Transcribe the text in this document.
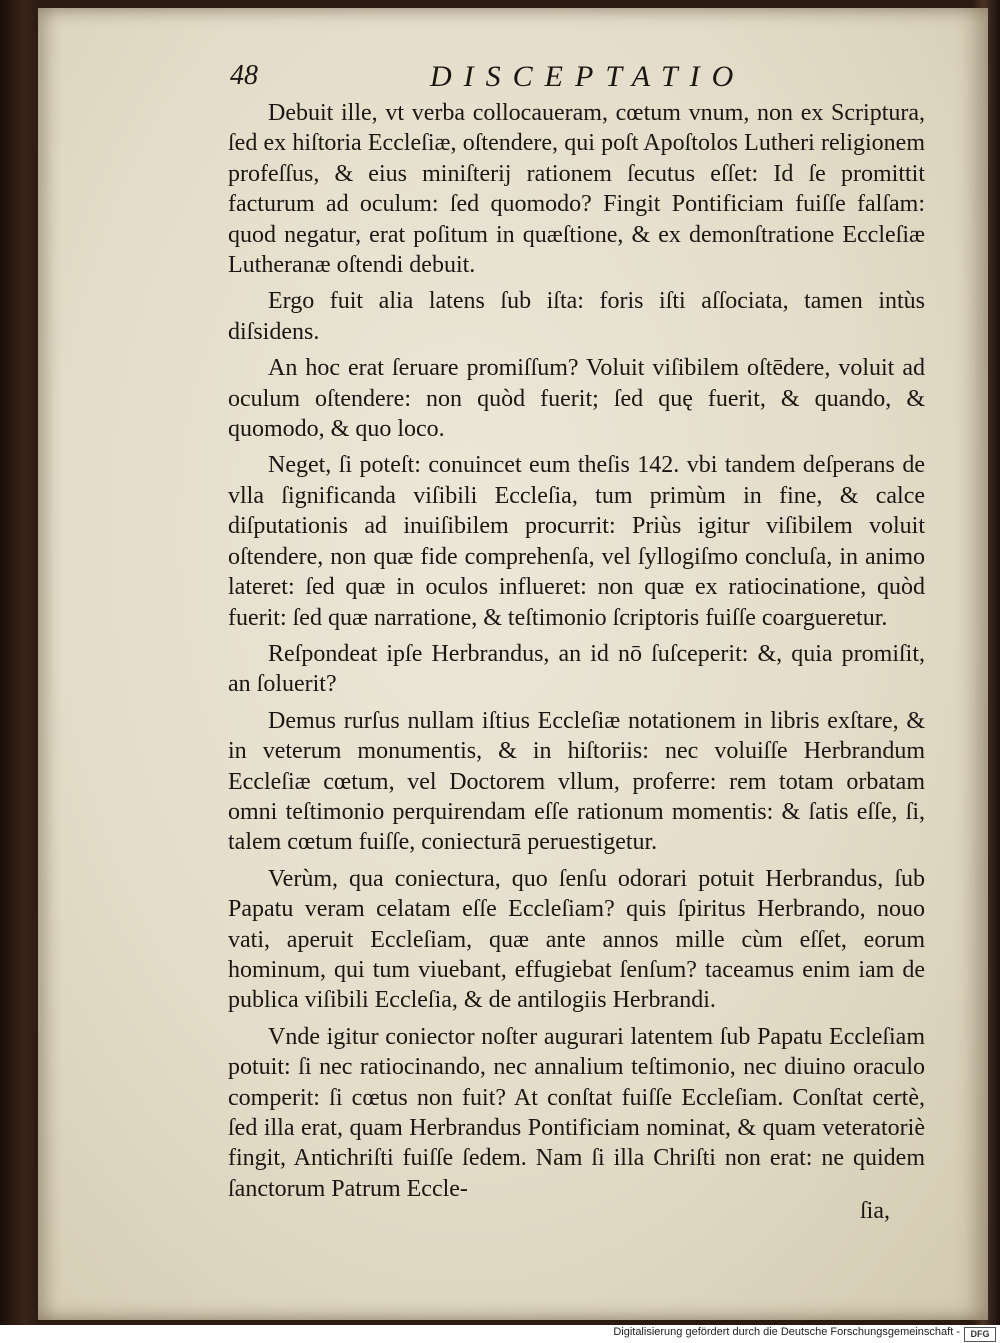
48	DISCEPTATIO

Debuit ille, vt verba collocaueram, cœtum vnum, non ex Scriptura, ſed ex hiſtoria Eccleſiæ, oſtendere, qui poſt Apoſtolos Lutheri religionem profeſſus, & eius miniſterij rationem ſecutus eſſet: Id ſe promittit facturum ad oculum: ſed quomodo? Fingit Pontificiam fuiſſe falſam: quod negatur, erat poſitum in quæſtione, & ex demonſtratione Eccleſiæ Lutheranæ oſtendi debuit.

Ergo fuit alia latens ſub iſta: foris iſti aſſociata, tamen intùs diſsidens.

An hoc erat ſeruare promiſſum? Voluit viſibilem oſtēdere, voluit ad oculum oſtendere: non quòd fuerit; ſed quę fuerit, & quando, & quomodo, & quo loco.

Neget, ſi poteſt: conuincet eum theſis 142. vbi tandem deſperans de vlla ſignificanda viſibili Eccleſia, tum primùm in fine, & calce diſputationis ad inuiſibilem procurrit: Priùs igitur viſibilem voluit oſtendere, non quæ fide comprehenſa, vel ſyllogiſmo concluſa, in animo lateret: ſed quæ in oculos influeret: non quæ ex ratiocinatione, quòd fuerit: ſed quæ narratione, & teſtimonio ſcriptoris fuiſſe coargueretur.

Reſpondeat ipſe Herbrandus, an id nō ſuſceperit: &, quia promiſit, an ſoluerit?

Demus rurſus nullam iſtius Eccleſiæ notationem in libris exſtare, & in veterum monumentis, & in hiſtoriis: nec voluiſſe Herbrandum Eccleſiæ cœtum, vel Doctorem vllum, proferre: rem totam orbatam omni teſtimonio perquirendam eſſe rationum momentis: & ſatis eſſe, ſi, talem cœtum fuiſſe, coniecturā peruestigetur.

Verùm, qua coniectura, quo ſenſu odorari potuit Herbrandus, ſub Papatu veram celatam eſſe Eccleſiam? quis ſpiritus Herbrando, nouo vati, aperuit Eccleſiam, quæ ante annos mille cùm eſſet, eorum hominum, qui tum viuebant, effugiebat ſenſum? taceamus enim iam de publica viſibili Eccleſia, & de antilogiis Herbrandi.

Vnde igitur coniector noſter augurari latentem ſub Papatu Eccleſiam potuit: ſi nec ratiocinando, nec annalium teſtimonio, nec diuino oraculo comperit: ſi cœtus non fuit? At conſtat fuiſſe Eccleſiam. Conſtat certè, ſed illa erat, quam Herbrandus Pontificiam nominat, & quam veteratoriè fingit, Antichriſti fuiſſe ſedem. Nam ſi illa Chriſti non erat: ne quidem ſanctorum Patrum Eccle-

ſia,
Digitalisierung gefördert durch die Deutsche Forschungsgemeinschaft -	DFG
